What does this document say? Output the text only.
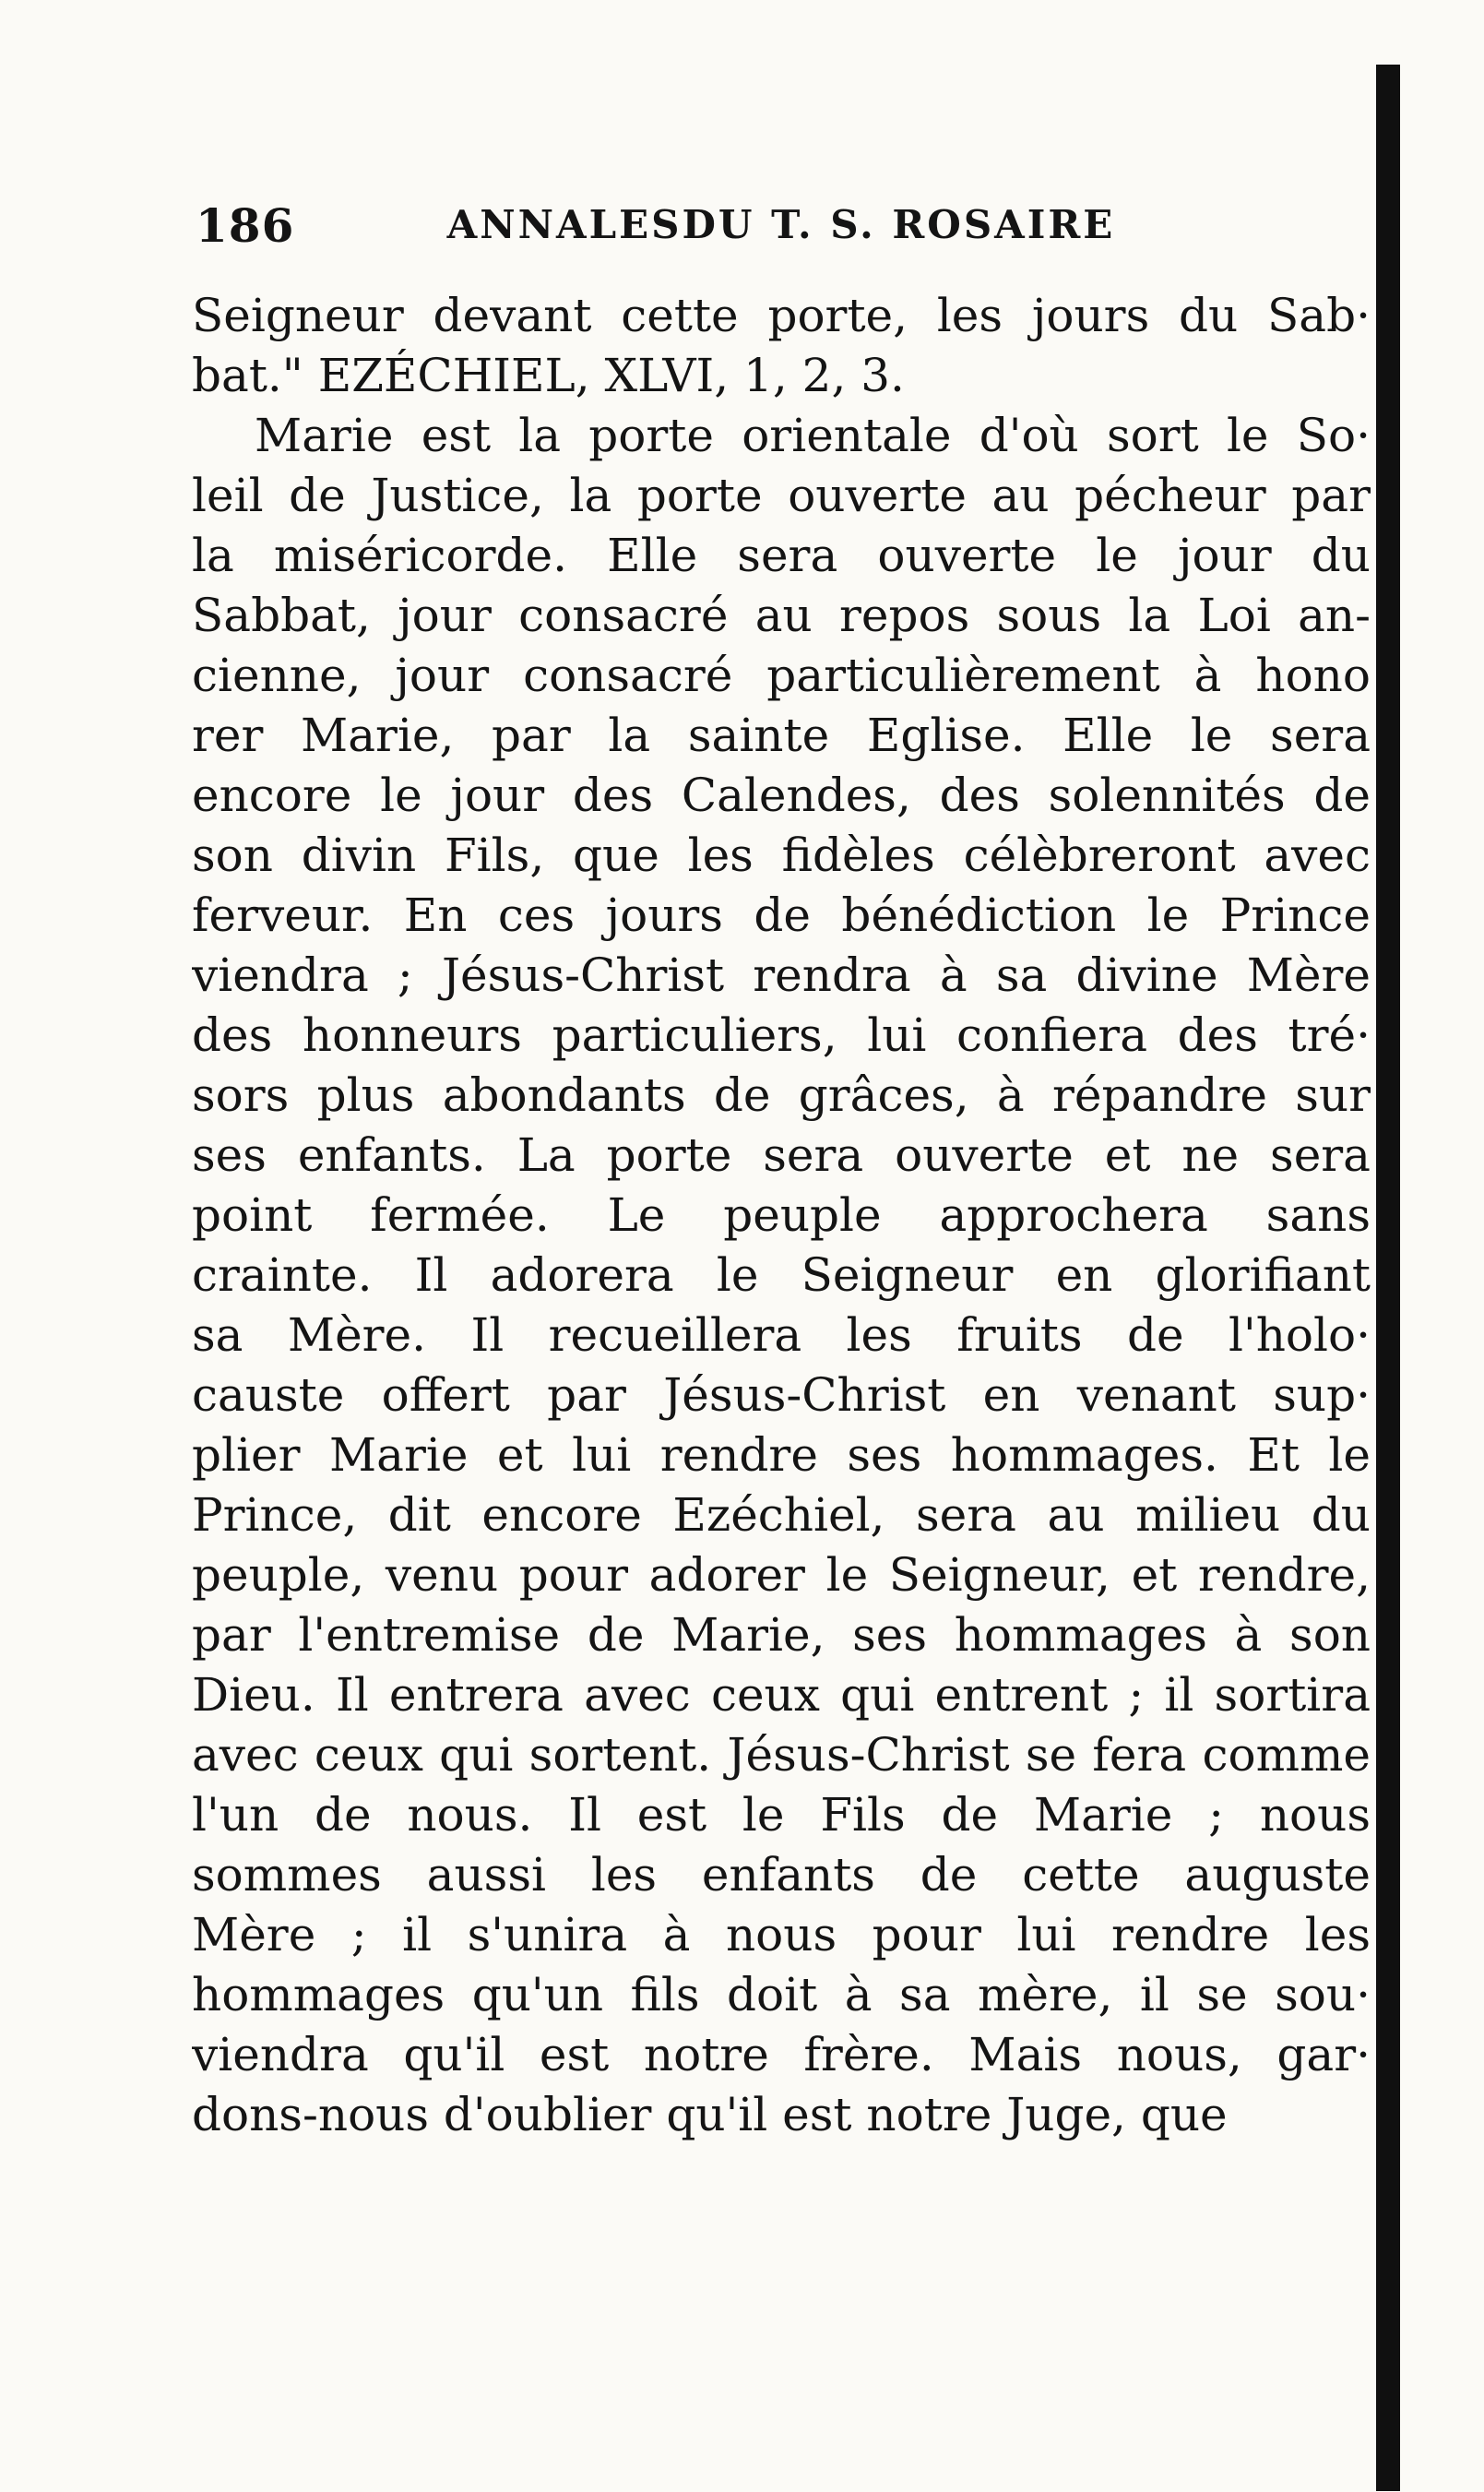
186	ANNALESDU T. S. ROSAIRE
Seigneur devant cette porte, les jours du Sab·
bat." EZÉCHIEL, XLVI, 1, 2, 3.
Marie est la porte orientale d'où sort le So·
leil de Justice, la porte ouverte au pécheur par
la miséricorde. Elle sera ouverte le jour du
Sabbat, jour consacré au repos sous la Loi an-
cienne, jour consacré particulièrement à hono
rer Marie, par la sainte Eglise. Elle le sera
encore le jour des Calendes, des solennités de
son divin Fils, que les fidèles célèbreront avec
ferveur. En ces jours de bénédiction le Prince
viendra ; Jésus-Christ rendra à sa divine Mère
des honneurs particuliers, lui confiera des tré·
sors plus abondants de grâces, à répandre sur
ses enfants. La porte sera ouverte et ne sera
point fermée. Le peuple approchera sans
crainte. Il adorera le Seigneur en glorifiant
sa Mère. Il recueillera les fruits de l'holo·
causte offert par Jésus-Christ en venant sup·
plier Marie et lui rendre ses hommages. Et le
Prince, dit encore Ezéchiel, sera au milieu du
peuple, venu pour adorer le Seigneur, et rendre,
par l'entremise de Marie, ses hommages à son
Dieu. Il entrera avec ceux qui entrent ; il sortira
avec ceux qui sortent. Jésus-Christ se fera comme
l'un de nous. Il est le Fils de Marie ; nous
sommes aussi les enfants de cette auguste
Mère ; il s'unira à nous pour lui rendre les
hommages qu'un fils doit à sa mère, il se sou·
viendra qu'il est notre frère. Mais nous, gar·
dons-nous d'oublier qu'il est notre Juge, que
